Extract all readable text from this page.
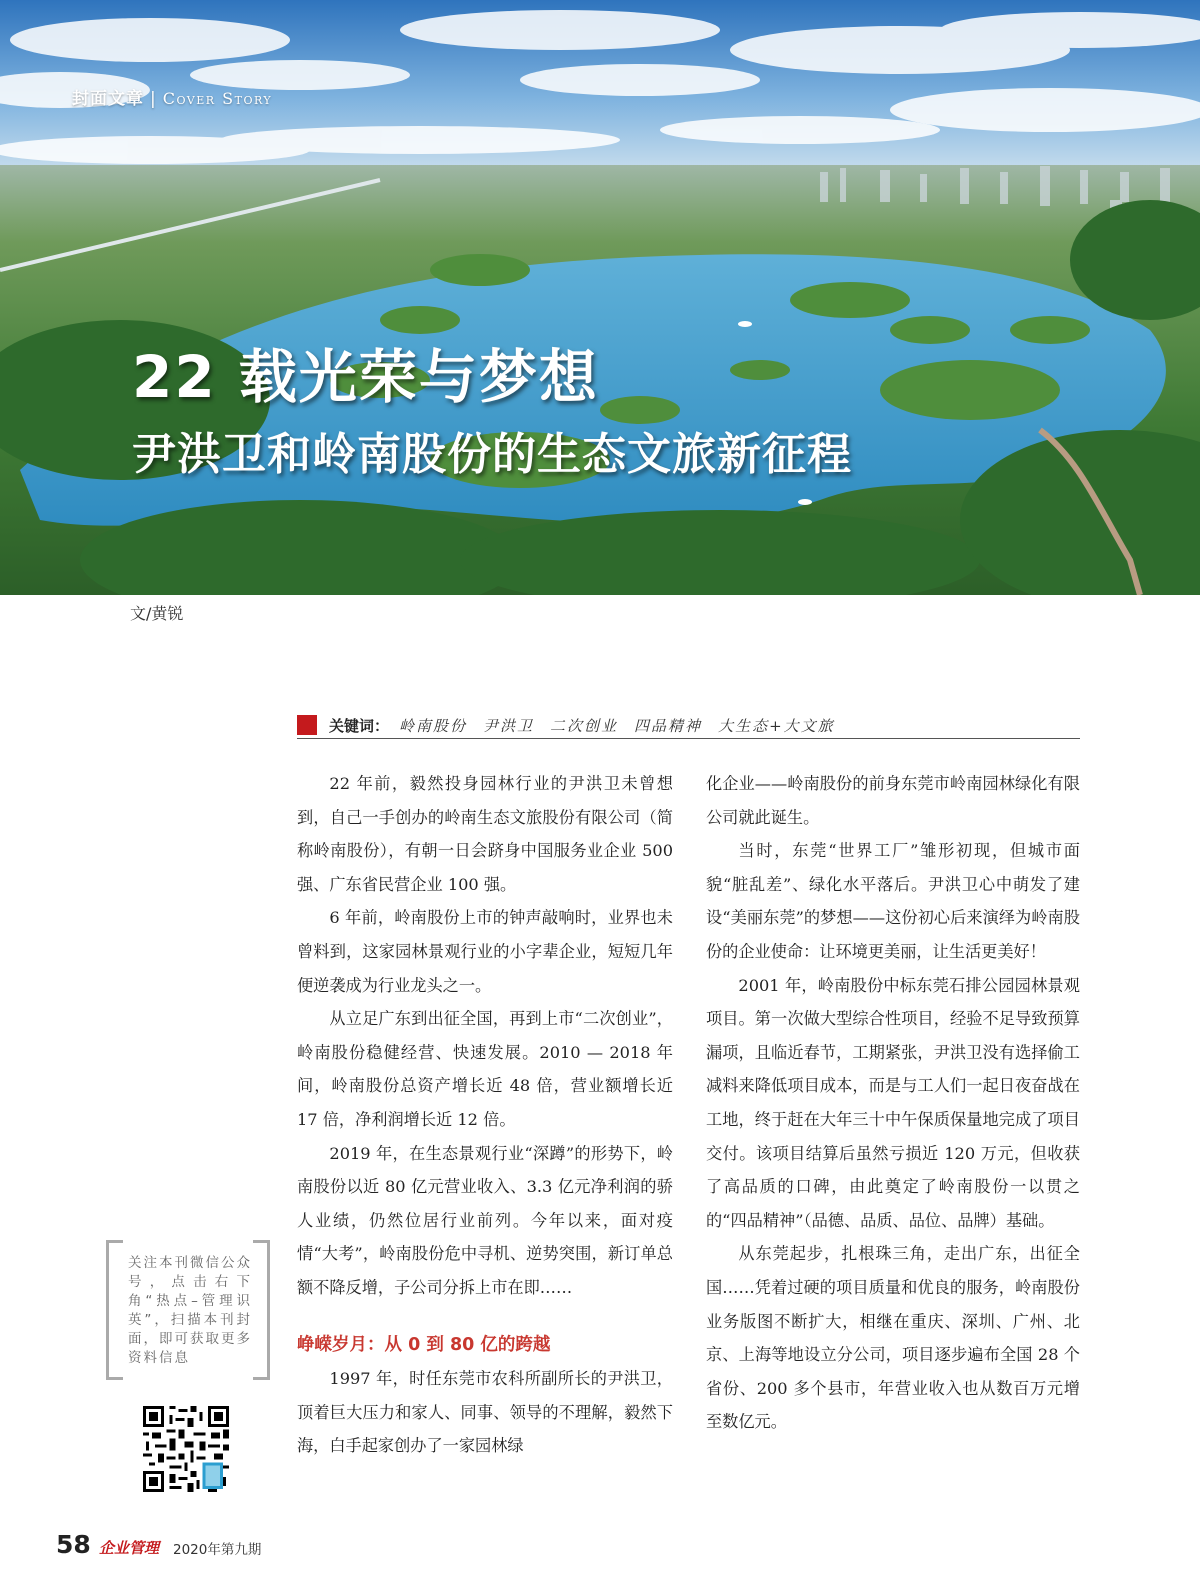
封面文章 | Cover Story
22 载光荣与梦想
尹洪卫和岭南股份的生态文旅新征程
文/黄锐
关键词： 岭南股份 尹洪卫 二次创业 四品精神 大生态+大文旅

22 年前，毅然投身园林行业的尹洪卫未曾想到，自己一手创办的岭南生态文旅股份有限公司（简称岭南股份），有朝一日会跻身中国服务业企业 500 强、广东省民营企业 100 强。

6 年前，岭南股份上市的钟声敲响时，业界也未曾料到，这家园林景观行业的小字辈企业，短短几年便逆袭成为行业龙头之一。

从立足广东到出征全国，再到上市“二次创业”，岭南股份稳健经营、快速发展。2010 — 2018 年间，岭南股份总资产增长近 48 倍，营业额增长近 17 倍，净利润增长近 12 倍。

2019 年，在生态景观行业“深蹲”的形势下，岭南股份以近 80 亿元营业收入、3.3 亿元净利润的骄人业绩，仍然位居行业前列。今年以来，面对疫情“大考”，岭南股份危中寻机、逆势突围，新订单总额不降反增，子公司分拆上市在即……

峥嵘岁月：从 0 到 80 亿的跨越

1997 年，时任东莞市农科所副所长的尹洪卫，顶着巨大压力和家人、同事、领导的不理解，毅然下海，白手起家创办了一家园林绿

化企业——岭南股份的前身东莞市岭南园林绿化有限公司就此诞生。

当时，东莞“世界工厂”雏形初现，但城市面貌“脏乱差”、绿化水平落后。尹洪卫心中萌发了建设“美丽东莞”的梦想——这份初心后来演绎为岭南股份的企业使命：让环境更美丽，让生活更美好！

2001 年，岭南股份中标东莞石排公园园林景观项目。第一次做大型综合性项目，经验不足导致预算漏项，且临近春节，工期紧张，尹洪卫没有选择偷工减料来降低项目成本，而是与工人们一起日夜奋战在工地，终于赶在大年三十中午保质保量地完成了项目交付。该项目结算后虽然亏损近 120 万元，但收获了高品质的口碑，由此奠定了岭南股份一以贯之的“四品精神”（品德、品质、品位、品牌）基础。

从东莞起步，扎根珠三角，走出广东，出征全国……凭着过硬的项目质量和优良的服务，岭南股份业务版图不断扩大，相继在重庆、深圳、广州、北京、上海等地设立分公司，项目逐步遍布全国 28 个省份、200 多个县市，年营业收入也从数百万元增至数亿元。

关注本刊微信公众号，点击右下角“热点–管理识英”，扫描本刊封面，即可获取更多资料信息
58 企业管理 2020年第九期
